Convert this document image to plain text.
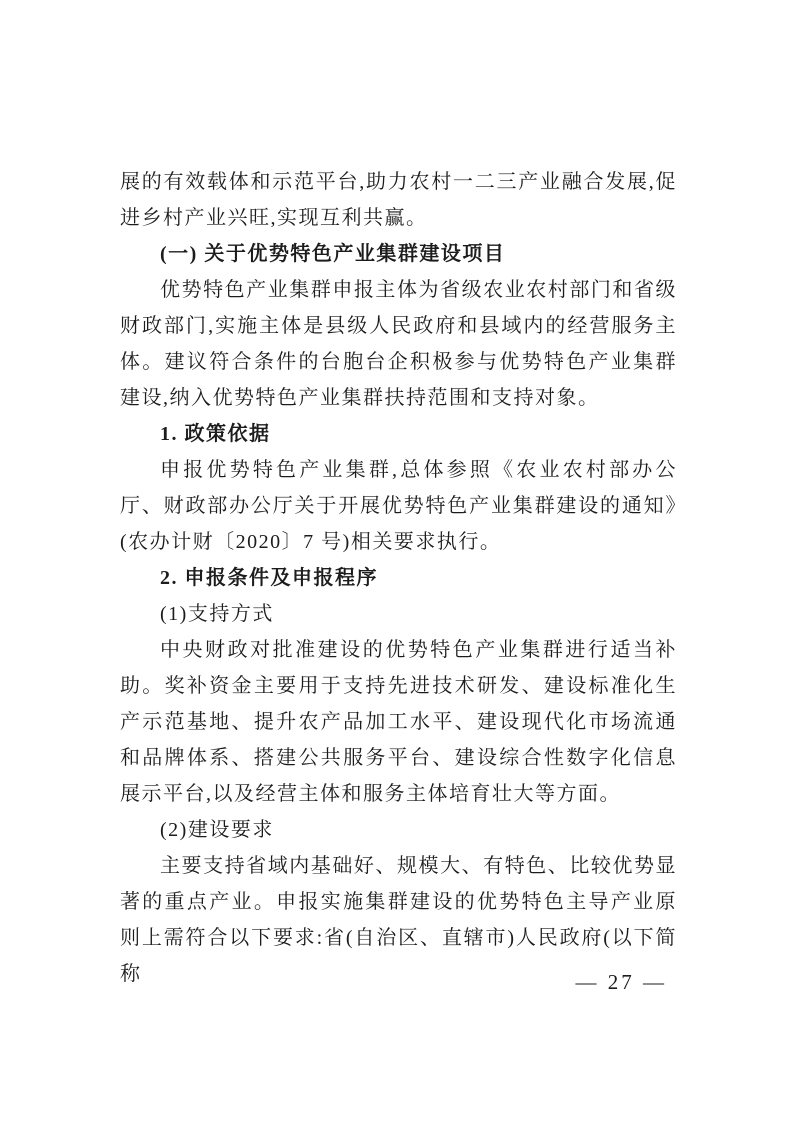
展的有效载体和示范平台,助力农村一二三产业融合发展,促进乡村产业兴旺,实现互利共赢。

(一) 关于优势特色产业集群建设项目

优势特色产业集群申报主体为省级农业农村部门和省级财政部门,实施主体是县级人民政府和县域内的经营服务主体。建议符合条件的台胞台企积极参与优势特色产业集群建设,纳入优势特色产业集群扶持范围和支持对象。

1. 政策依据

申报优势特色产业集群,总体参照《农业农村部办公厅、财政部办公厅关于开展优势特色产业集群建设的通知》(农办计财〔2020〕7 号)相关要求执行。

2. 申报条件及申报程序

(1)支持方式

中央财政对批准建设的优势特色产业集群进行适当补助。奖补资金主要用于支持先进技术研发、建设标准化生产示范基地、提升农产品加工水平、建设现代化市场流通和品牌体系、搭建公共服务平台、建设综合性数字化信息展示平台,以及经营主体和服务主体培育壮大等方面。

(2)建设要求

主要支持省域内基础好、规模大、有特色、比较优势显著的重点产业。申报实施集群建设的优势特色主导产业原则上需符合以下要求:省(自治区、直辖市)人民政府(以下简称	— 27 —
